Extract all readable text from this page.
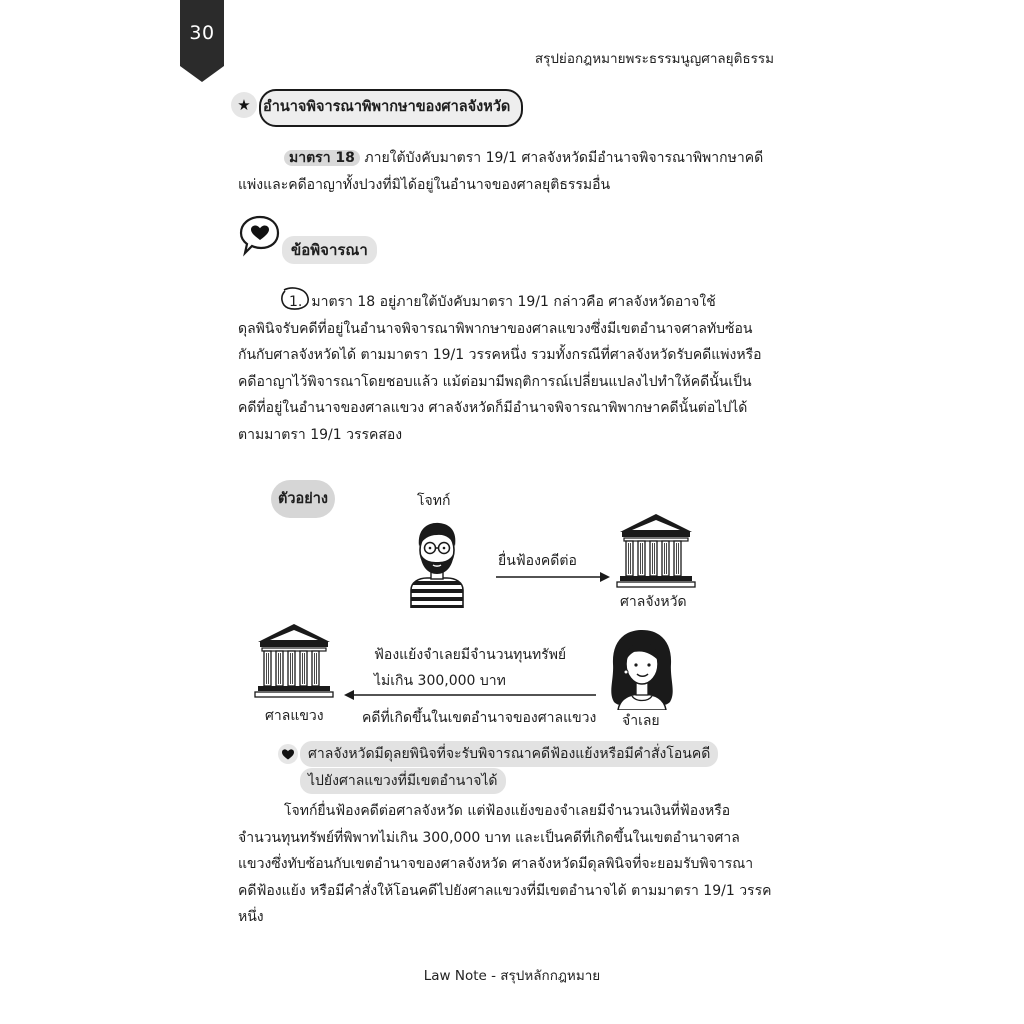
30
สรุปย่อกฎหมายพระธรรมนูญศาลยุติธรรม
★ อำนาจพิจารณาพิพากษาของศาลจังหวัด
มาตรา 18 ภายใต้บังคับมาตรา 19/1 ศาลจังหวัดมีอำนาจพิจารณาพิพากษาคดี
แพ่งและคดีอาญาทั้งปวงที่มิได้อยู่ในอำนาจของศาลยุติธรรมอื่น
ข้อพิจารณา
1. มาตรา 18 อยู่ภายใต้บังคับมาตรา 19/1 กล่าวคือ ศาลจังหวัดอาจใช้
ดุลพินิจรับคดีที่อยู่ในอำนาจพิจารณาพิพากษาของศาลแขวงซึ่งมีเขตอำนาจศาลทับซ้อน
กันกับศาลจังหวัดได้ ตามมาตรา 19/1 วรรคหนึ่ง รวมทั้งกรณีที่ศาลจังหวัดรับคดีแพ่งหรือ
คดีอาญาไว้พิจารณาโดยชอบแล้ว แม้ต่อมามีพฤติการณ์เปลี่ยนแปลงไปทำให้คดีนั้นเป็น
คดีที่อยู่ในอำนาจของศาลแขวง ศาลจังหวัดก็มีอำนาจพิจารณาพิพากษาคดีนั้นต่อไปได้
ตามมาตรา 19/1 วรรคสอง
ตัวอย่าง	โจทก์
ยื่นฟ้องคดีต่อ
ศาลจังหวัด
ศาลแขวง
ฟ้องแย้งจำเลยมีจำนวนทุนทรัพย์
ไม่เกิน 300,000 บาท
คดีที่เกิดขึ้นในเขตอำนาจของศาลแขวง จำเลย
ศาลจังหวัดมีดุลยพินิจที่จะรับพิจารณาคดีฟ้องแย้งหรือมีคำสั่งโอนคดี
ไปยังศาลแขวงที่มีเขตอำนาจได้
โจทก์ยื่นฟ้องคดีต่อศาลจังหวัด แต่ฟ้องแย้งของจำเลยมีจำนวนเงินที่ฟ้องหรือ
จำนวนทุนทรัพย์ที่พิพาทไม่เกิน 300,000 บาท และเป็นคดีที่เกิดขึ้นในเขตอำนาจศาล
แขวงซึ่งทับซ้อนกับเขตอำนาจของศาลจังหวัด ศาลจังหวัดมีดุลพินิจที่จะยอมรับพิจารณา
คดีฟ้องแย้ง หรือมีคำสั่งให้โอนคดีไปยังศาลแขวงที่มีเขตอำนาจได้ ตามมาตรา 19/1 วรรค
หนึ่ง
Law Note - สรุปหลักกฎหมาย
